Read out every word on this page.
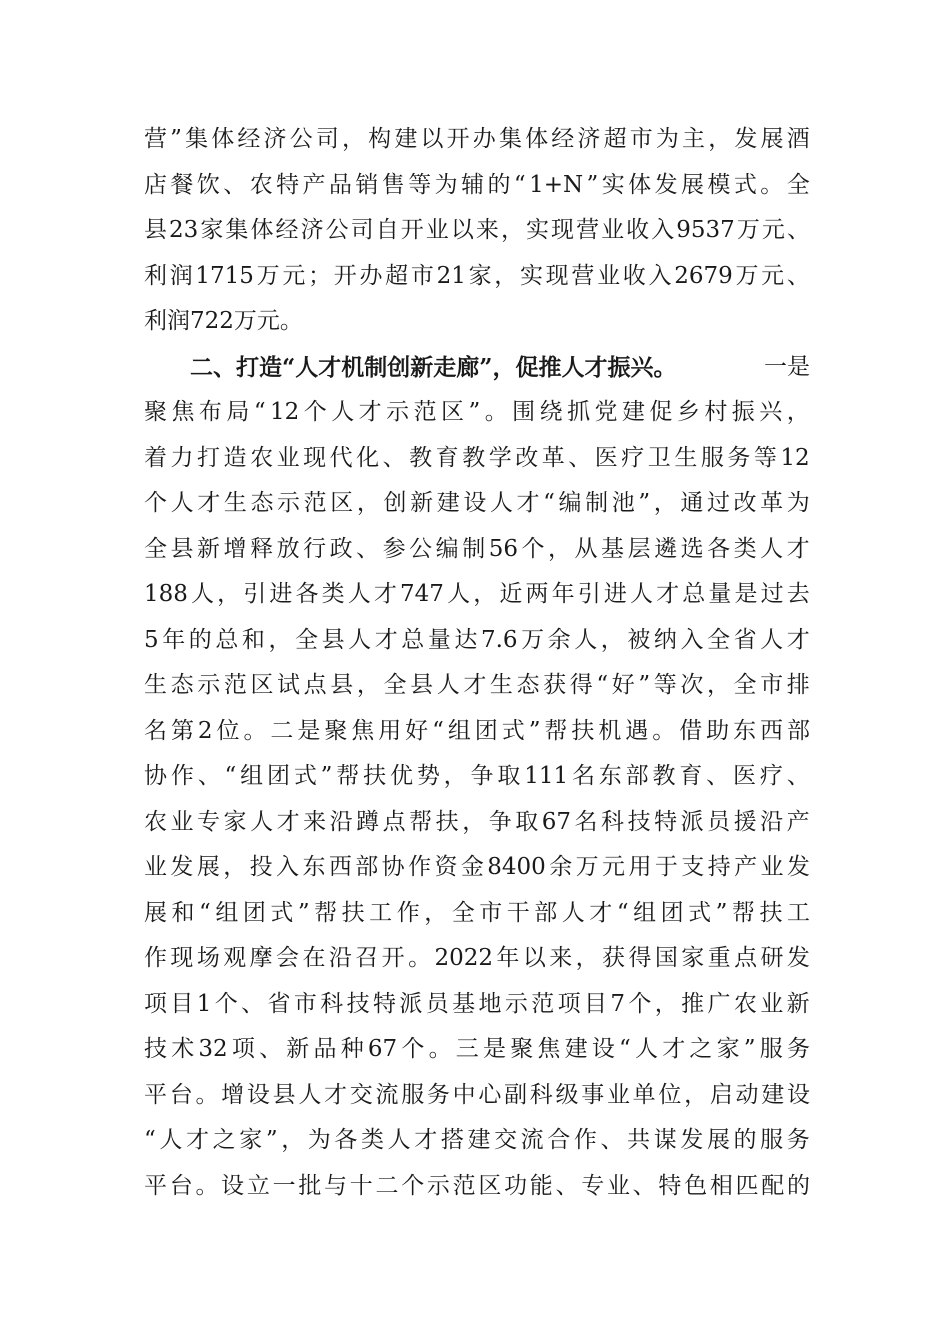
营 ” 集 体 经 济 公 司 ， 构 建 以 开 办 集 体 经 济 超 市 为 主 ， 发 展 酒
店 餐 饮 、 农 特 产 品 销 售 等 为 辅 的 “ 1+N ” 实 体 发 展 模 式 。 全
县 23 家 集 体 经 济 公 司 自 开 业 以 来 ， 实 现 营 业 收 入 9537 万 元 、
利 润 1715 万 元 ； 开 办 超 市 21 家 ， 实 现 营 业 收 入 2679 万 元 、
利润722万元。
二、打造“人才机制创新走廊”，促推人才振兴。	一是
聚 焦 布 局 “ 12 个 人 才 示 范 区 ” 。 围 绕 抓 党 建 促 乡 村 振 兴 ，
着 力 打 造 农 业 现 代 化 、 教 育 教 学 改 革 、 医 疗 卫 生 服 务 等 12
个 人 才 生 态 示 范 区 ， 创 新 建 设 人 才 “ 编 制 池 ” ， 通 过 改 革 为
全 县 新 增 释 放 行 政 、 参 公 编 制 56 个 ， 从 基 层 遴 选 各 类 人 才
188 人 ， 引 进 各 类 人 才 747 人 ， 近 两 年 引 进 人 才 总 量 是 过 去
5 年 的 总 和 ， 全 县 人 才 总 量 达 7.6 万 余 人 ， 被 纳 入 全 省 人 才
生 态 示 范 区 试 点 县 ， 全 县 人 才 生 态 获 得 “ 好 ” 等 次 ， 全 市 排
名 第 2 位 。 二 是 聚 焦 用 好 “ 组 团 式 ” 帮 扶 机 遇 。 借 助 东 西 部
协 作 、 “ 组 团 式 ” 帮 扶 优 势 ， 争 取 111 名 东 部 教 育 、 医 疗 、
农 业 专 家 人 才 来 沿 蹲 点 帮 扶 ， 争 取 67 名 科 技 特 派 员 援 沿 产
业 发 展 ， 投 入 东 西 部 协 作 资 金 8400 余 万 元 用 于 支 持 产 业 发
展 和 “ 组 团 式 ” 帮 扶 工 作 ， 全 市 干 部 人 才 “ 组 团 式 ” 帮 扶 工
作 现 场 观 摩 会 在 沿 召 开 。 2022 年 以 来 ， 获 得 国 家 重 点 研 发
项 目 1 个 、 省 市 科 技 特 派 员 基 地 示 范 项 目 7 个 ， 推 广 农 业 新
技 术 32 项 、 新 品 种 67 个 。 三 是 聚 焦 建 设 “ 人 才 之 家 ” 服 务
平 台 。 增 设 县 人 才 交 流 服 务 中 心 副 科 级 事 业 单 位 ， 启 动 建 设
“ 人 才 之 家 ” ， 为 各 类 人 才 搭 建 交 流 合 作 、 共 谋 发 展 的 服 务
平 台 。 设 立 一 批 与 十 二 个 示 范 区 功 能 、 专 业 、 特 色 相 匹 配 的
